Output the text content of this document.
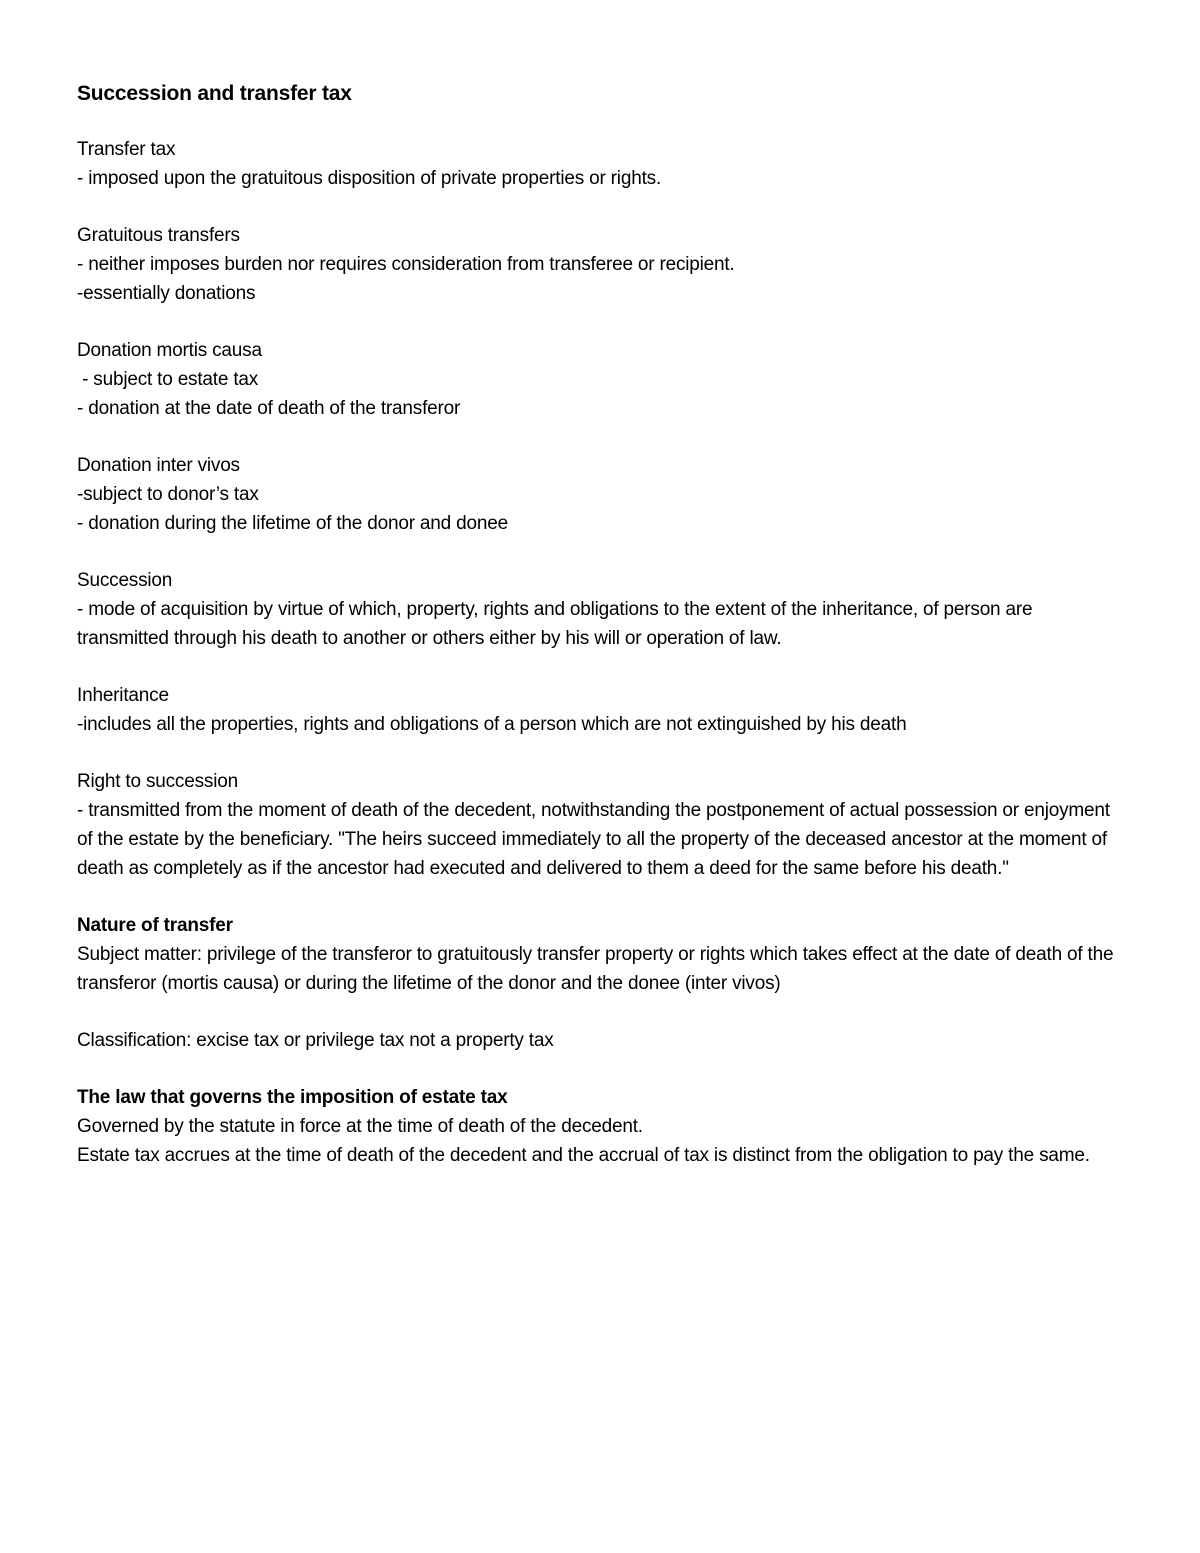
Succession and transfer tax
Transfer tax
- imposed upon the gratuitous disposition of private properties or rights.
Gratuitous transfers
- neither imposes burden nor requires consideration from transferee or recipient.
-essentially donations
Donation mortis causa
- subject to estate tax
- donation at the date of death of the transferor
Donation inter vivos
-subject to donor’s tax
- donation during the lifetime of the donor and donee
Succession
- mode of acquisition by virtue of which, property, rights and obligations to the extent of the inheritance, of person are transmitted through his death to another or others either by his will or operation of law.
Inheritance
-includes all the properties, rights and obligations of a person which are not extinguished by his death
Right to succession
- transmitted from the moment of death of the decedent, notwithstanding the postponement of actual possession or enjoyment of the estate by the beneficiary. "The heirs succeed immediately to all the property of the deceased ancestor at the moment of death as completely as if the ancestor had executed and delivered to them a deed for the same before his death."
Nature of transfer
Subject matter: privilege of the transferor to gratuitously transfer property or rights which takes effect at the date of death of the transferor (mortis causa) or during the lifetime of the donor and the donee (inter vivos)
Classification: excise tax or privilege tax not a property tax
The law that governs the imposition of estate tax
Governed by the statute in force at the time of death of the decedent.
Estate tax accrues at the time of death of the decedent and the accrual of tax is distinct from the obligation to pay the same.
